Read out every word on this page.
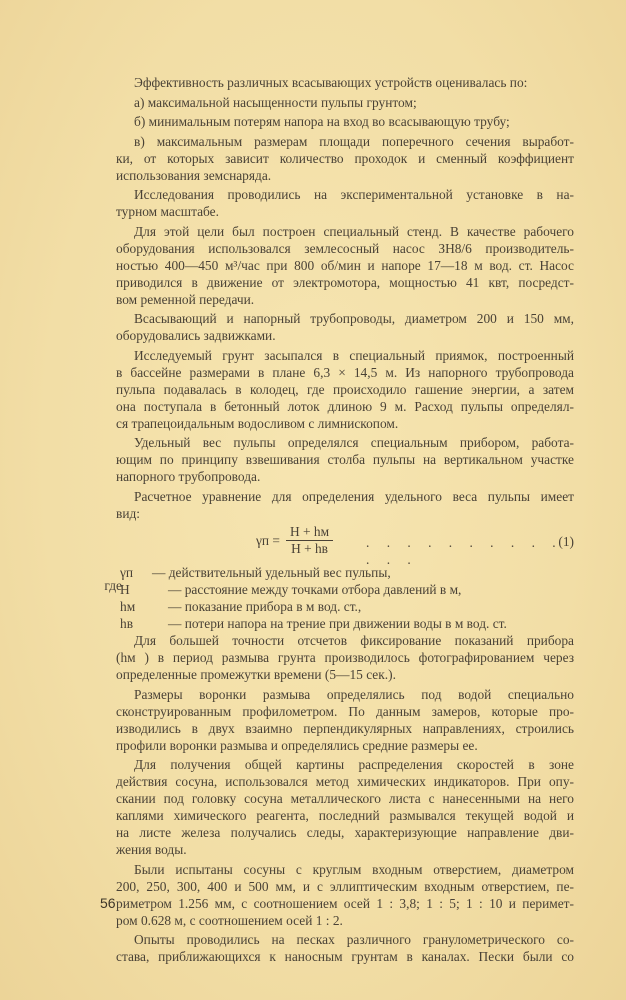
Эффективность различных всасывающих устройств оценивалась по:
а) максимальной насыщенности пульпы грунтом;
б) минимальным потерям напора на вход во всасывающую трубу;
в) максимальным размерам площади поперечного сечения выработ-
ки, от которых зависит количество проходок и сменный коэффициент
использования земснаряда.
Исследования проводились на экспериментальной установке в на-
турном масштабе.
Для этой цели был построен специальный стенд. В качестве рабочего
оборудования использовался землесосный насос ЗН8/6 производитель-
ностью 400—450 м³/час при 800 об/мин и напоре 17—18 м вод. ст. Насос
приводился в движение от электромотора, мощностью 41 квт, посредст-
вом ременной передачи.
Всасывающий и напорный трубопроводы, диаметром 200 и 150 мм,
оборудовались задвижками.
Исследуемый грунт засыпался в специальный приямок, построенный
в бассейне размерами в плане 6,3 × 14,5 м. Из напорного трубопровода
пульпа подавалась в колодец, где происходило гашение энергии, а затем
она поступала в бетонный лоток длиною 9 м. Расход пульпы определял-
ся трапецоидальным водосливом с лимнископом.
Удельный вес пульпы определялся специальным прибором, работа-
ющим по принципу взвешивания столба пульпы на вертикальном участке
напорного трубопровода.
Расчетное уравнение для определения удельного веса пульпы имеет
вид:
$\gamma п = \frac{H + hм}{H + hв}$ . . . . . . . . . . . . .
(1)
где
γп — действительный удельный вес пульпы,
H	— расстояние между точками отбора давлений в м,
hм — показание прибора в м вод. ст.,
hв	— потери напора на трение при движении воды в м вод. ст.
Для большей точности отсчетов фиксирование показаний прибора
(hм ) в период размыва грунта производилось фотографированием через
определенные промежутки времени (5—15 сек.).
Размеры воронки размыва определялись под водой специально
сконструированным профилометром. По данным замеров, которые про-
изводились в двух взаимно перпендикулярных направлениях, строились
профили воронки размыва и определялись средние размеры ее.
Для получения общей картины распределения скоростей в зоне
действия сосуна, использовался метод химических индикаторов. При опу-
скании под головку сосуна металлического листа с нанесенными на него
каплями химического реагента, последний размывался текущей водой и
на листе железа получались следы, характеризующие направление дви-
жения воды.
Были испытаны сосуны с круглым входным отверстием, диаметром
200, 250, 300, 400 и 500 мм, и с эллиптическим входным отверстием, пе-
риметром 1.256 мм, с соотношением осей 1 : 3,8; 1 : 5; 1 : 10 и перимет-
ром 0.628 м, с соотношением осей 1 : 2.
Опыты проводились на песках различного гранулометрического со-
става, приближающихся к наносным грунтам в каналах. Пески были со
56
